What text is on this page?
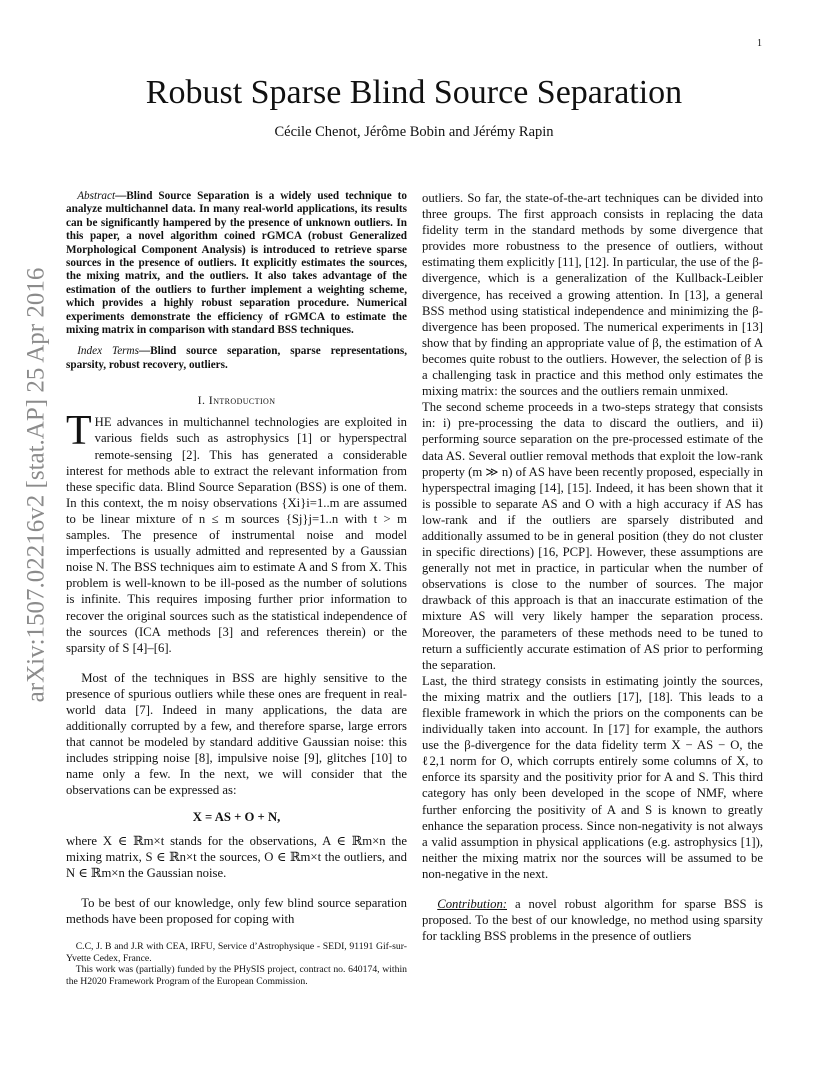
1
arXiv:1507.02216v2 [stat.AP] 25 Apr 2016
Robust Sparse Blind Source Separation

Cécile Chenot, Jérôme Bobin and Jérémy Rapin

Abstract—Blind Source Separation is a widely used technique to analyze multichannel data. In many real-world applications, its results can be significantly hampered by the presence of unknown outliers. In this paper, a novel algorithm coined rGMCA (robust Generalized Morphological Component Analysis) is introduced to retrieve sparse sources in the presence of outliers. It explicitly estimates the sources, the mixing matrix, and the outliers. It also takes advantage of the estimation of the outliers to further implement a weighting scheme, which provides a highly robust separation procedure. Numerical experiments demonstrate the efficiency of rGMCA to estimate the mixing matrix in comparison with standard BSS techniques.

Index Terms—Blind source separation, sparse representations, sparsity, robust recovery, outliers.

I. Introduction

THE advances in multichannel technologies are exploited in various fields such as astrophysics [1] or hyperspectral remote-sensing [2]. This has generated a considerable interest for methods able to extract the relevant information from these specific data. Blind Source Separation (BSS) is one of them. In this context, the m noisy observations {Xi}i=1..m are assumed to be linear mixture of n ≤ m sources {Sj}j=1..n with t > m samples. The presence of instrumental noise and model imperfections is usually admitted and represented by a Gaussian noise N. The BSS techniques aim to estimate A and S from X. This problem is well-known to be ill-posed as the number of solutions is infinite. This requires imposing further prior information to recover the original sources such as the statistical independence of the sources (ICA methods [3] and references therein) or the sparsity of S [4]–[6].

Most of the techniques in BSS are highly sensitive to the presence of spurious outliers while these ones are frequent in real-world data [7]. Indeed in many applications, the data are additionally corrupted by a few, and therefore sparse, large errors that cannot be modeled by standard additive Gaussian noise: this includes stripping noise [8], impulsive noise [9], glitches [10] to name only a few. In the next, we will consider that the observations can be expressed as:

X = AS + O + N,

where X ∈ ℝm×t stands for the observations, A ∈ ℝm×n the mixing matrix, S ∈ ℝn×t the sources, O ∈ ℝm×t the outliers, and N ∈ ℝm×n the Gaussian noise.

To be best of our knowledge, only few blind source separation methods have been proposed for coping with

C.C, J. B and J.R with CEA, IRFU, Service d’Astrophysique - SEDI, 91191 Gif-sur-Yvette Cedex, France.

This work was (partially) funded by the PHySIS project, contract no. 640174, within the H2020 Framework Program of the European Commission.

outliers. So far, the state-of-the-art techniques can be divided into three groups. The first approach consists in replacing the data fidelity term in the standard methods by some divergence that provides more robustness to the presence of outliers, without estimating them explicitly [11], [12]. In particular, the use of the β-divergence, which is a generalization of the Kullback-Leibler divergence, has received a growing attention. In [13], a general BSS method using statistical independence and minimizing the β-divergence has been proposed. The numerical experiments in [13] show that by finding an appropriate value of β, the estimation of A becomes quite robust to the outliers. However, the selection of β is a challenging task in practice and this method only estimates the mixing matrix: the sources and the outliers remain unmixed.

The second scheme proceeds in a two-steps strategy that consists in: i) pre-processing the data to discard the outliers, and ii) performing source separation on the pre-processed estimate of the data AS. Several outlier removal methods that exploit the low-rank property (m ≫ n) of AS have been recently proposed, especially in hyperspectral imaging [14], [15]. Indeed, it has been shown that it is possible to separate AS and O with a high accuracy if AS has low-rank and if the outliers are sparsely distributed and additionally assumed to be in general position (they do not cluster in specific directions) [16, PCP]. However, these assumptions are generally not met in practice, in particular when the number of observations is close to the number of sources. The major drawback of this approach is that an inaccurate estimation of the mixture AS will very likely hamper the separation process. Moreover, the parameters of these methods need to be tuned to return a sufficiently accurate estimation of AS prior to performing the separation.

Last, the third strategy consists in estimating jointly the sources, the mixing matrix and the outliers [17], [18]. This leads to a flexible framework in which the priors on the components can be individually taken into account. In [17] for example, the authors use the β-divergence for the data fidelity term X − AS − O, the ℓ2,1 norm for O, which corrupts entirely some columns of X, to enforce its sparsity and the positivity prior for A and S. This third category has only been developed in the scope of NMF, where further enforcing the positivity of A and S is known to greatly enhance the separation process. Since non-negativity is not always a valid assumption in physical applications (e.g. astrophysics [1]), neither the mixing matrix nor the sources will be assumed to be non-negative in the next.

Contribution: a novel robust algorithm for sparse BSS is proposed. To the best of our knowledge, no method using sparsity for tackling BSS problems in the presence of outliers
